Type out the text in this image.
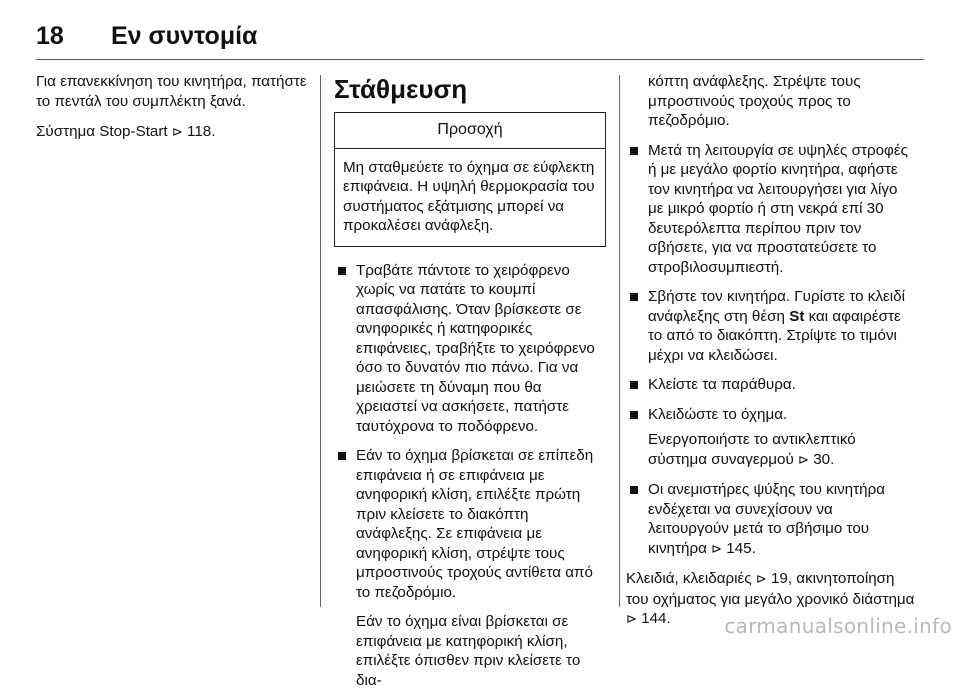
18 Εν συντομία

Για επανεκκίνηση του κινητήρα, πατήστε το πεντάλ του συμπλέκτη ξανά.

Σύστημα Stop-Start ⊳ 118.

Στάθμευση
Προσοχή
Μη σταθμεύετε το όχημα σε εύφλεκτη επιφάνεια. Η υψηλή θερμοκρασία του συστήματος εξάτμισης μπορεί να προκαλέσει ανάφλεξη.
Τραβάτε πάντοτε το χειρόφρενο χωρίς να πατάτε το κουμπί απασφάλισης. Όταν βρίσκεστε σε ανηφορικές ή κατηφορικές επιφάνειες, τραβήξτε το χειρόφρενο όσο το δυνατόν πιο πάνω. Για να μειώσετε τη δύναμη που θα χρειαστεί να ασκήσετε, πατήστε ταυτόχρονα το ποδόφρενο.
Εάν το όχημα βρίσκεται σε επίπεδη επιφάνεια ή σε επιφάνεια με ανηφορική κλίση, επιλέξτε πρώτη πριν κλείσετε το διακόπτη ανάφλεξης. Σε επιφάνεια με ανηφορική κλίση, στρέψτε τους μπροστινούς τροχούς αντίθετα από το πεζοδρόμιο.
Εάν το όχημα είναι βρίσκεται σε επιφάνεια με κατηφορική κλίση, επιλέξτε όπισθεν πριν κλείσετε το δια-
κόπτη ανάφλεξης. Στρέψτε τους μπροστινούς τροχούς προς το πεζοδρόμιο.
Μετά τη λειτουργία σε υψηλές στροφές ή με μεγάλο φορτίο κινητήρα, αφήστε τον κινητήρα να λειτουργήσει για λίγο με μικρό φορτίο ή στη νεκρά επί 30 δευτερόλεπτα περίπου πριν τον σβήσετε, για να προστατεύσετε το στροβιλοσυμπιεστή.
Σβήστε τον κινητήρα. Γυρίστε το κλειδί ανάφλεξης στη θέση St και αφαιρέστε το από το διακόπτη. Στρίψτε το τιμόνι μέχρι να κλειδώσει.
Κλείστε τα παράθυρα.
Κλειδώστε το όχημα.
Ενεργοποιήστε το αντικλεπτικό σύστημα συναγερμού ⊳ 30.
Οι ανεμιστήρες ψύξης του κινητήρα ενδέχεται να συνεχίσουν να λειτουργούν μετά το σβήσιμο του κινητήρα ⊳ 145.

Κλειδιά, κλειδαριές ⊳ 19, ακινητοποίηση του οχήματος για μεγάλο χρονικό διάστημα ⊳ 144.	carmanualsonline.info
